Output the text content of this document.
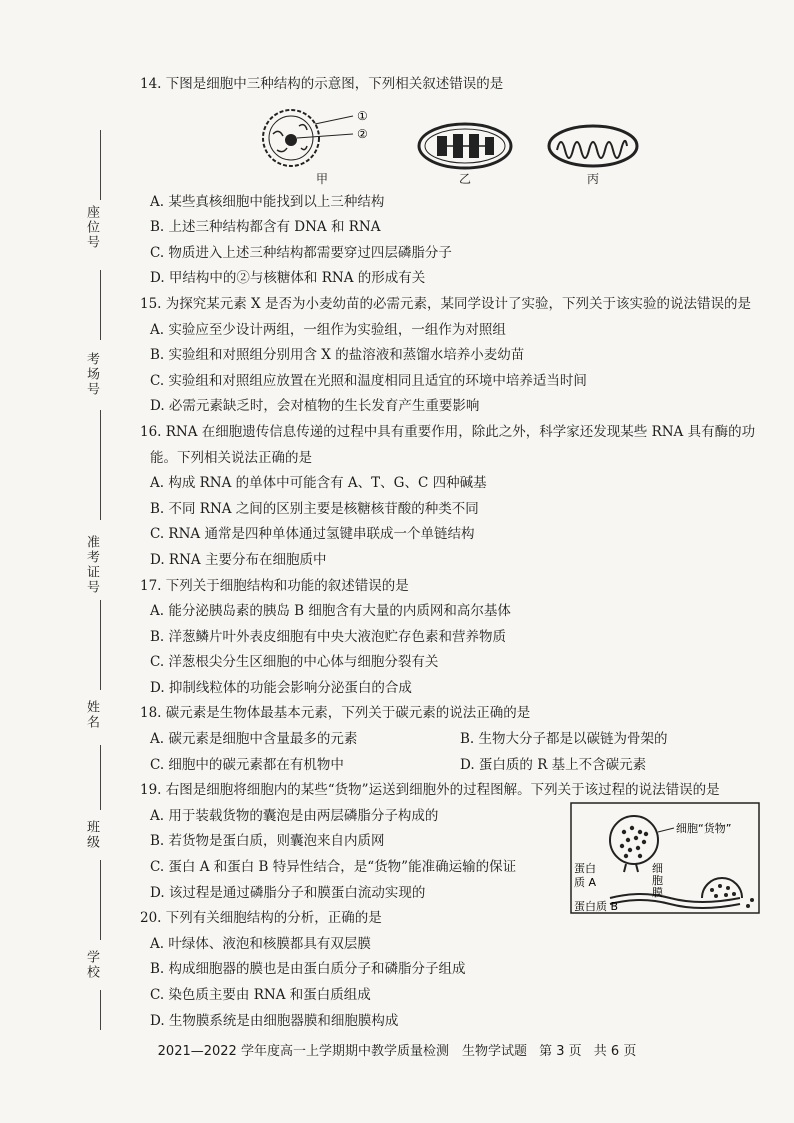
座位号
考场号
准考证号
姓名
班级
学校

14. 下图是细胞中三种结构的示意图，下列相关叙述错误的是

①
②
甲	乙	丙

A. 某些真核细胞中能找到以上三种结构

B. 上述三种结构都含有 DNA 和 RNA

C. 物质进入上述三种结构都需要穿过四层磷脂分子

D. 甲结构中的②与核糖体和 RNA 的形成有关

15. 为探究某元素 X 是否为小麦幼苗的必需元素，某同学设计了实验，下列关于该实验的说法错误的是

A. 实验应至少设计两组，一组作为实验组，一组作为对照组

B. 实验组和对照组分别用含 X 的盐溶液和蒸馏水培养小麦幼苗

C. 实验组和对照组应放置在光照和温度相同且适宜的环境中培养适当时间

D. 必需元素缺乏时，会对植物的生长发育产生重要影响

16. RNA 在细胞遗传信息传递的过程中具有重要作用，除此之外，科学家还发现某些 RNA 具有酶的功

能。下列相关说法正确的是

A. 构成 RNA 的单体中可能含有 A、T、G、C 四种碱基

B. 不同 RNA 之间的区别主要是核糖核苷酸的种类不同

C. RNA 通常是四种单体通过氢键串联成一个单链结构

D. RNA 主要分布在细胞质中

17. 下列关于细胞结构和功能的叙述错误的是

A. 能分泌胰岛素的胰岛 B 细胞含有大量的内质网和高尔基体

B. 洋葱鳞片叶外表皮细胞有中央大液泡贮存色素和营养物质

C. 洋葱根尖分生区细胞的中心体与细胞分裂有关

D. 抑制线粒体的功能会影响分泌蛋白的合成

18. 碳元素是生物体最基本元素，下列关于碳元素的说法正确的是

A. 碳元素是细胞中含量最多的元素	B. 生物大分子都是以碳链为骨架的

C. 细胞中的碳元素都在有机物中	D. 蛋白质的 R 基上不含碳元素

19. 右图是细胞将细胞内的某些“货物”运送到细胞外的过程图解。下列关于该过程的说法错误的是

A. 用于装载货物的囊泡是由两层磷脂分子构成的

B. 若货物是蛋白质，则囊泡来自内质网

C. 蛋白 A 和蛋白 B 特异性结合，是“货物”能准确运输的保证

D. 该过程是通过磷脂分子和膜蛋白流动实现的

细胞“货物”
蛋白
质 A
细
胞
膜
蛋白质 B

20. 下列有关细胞结构的分析，正确的是

A. 叶绿体、液泡和核膜都具有双层膜

B. 构成细胞器的膜也是由蛋白质分子和磷脂分子组成

C. 染色质主要由 RNA 和蛋白质组成

D. 生物膜系统是由细胞器膜和细胞膜构成

2021—2022 学年度高一上学期期中教学质量检测　生物学试题 第 3 页 共 6 页
